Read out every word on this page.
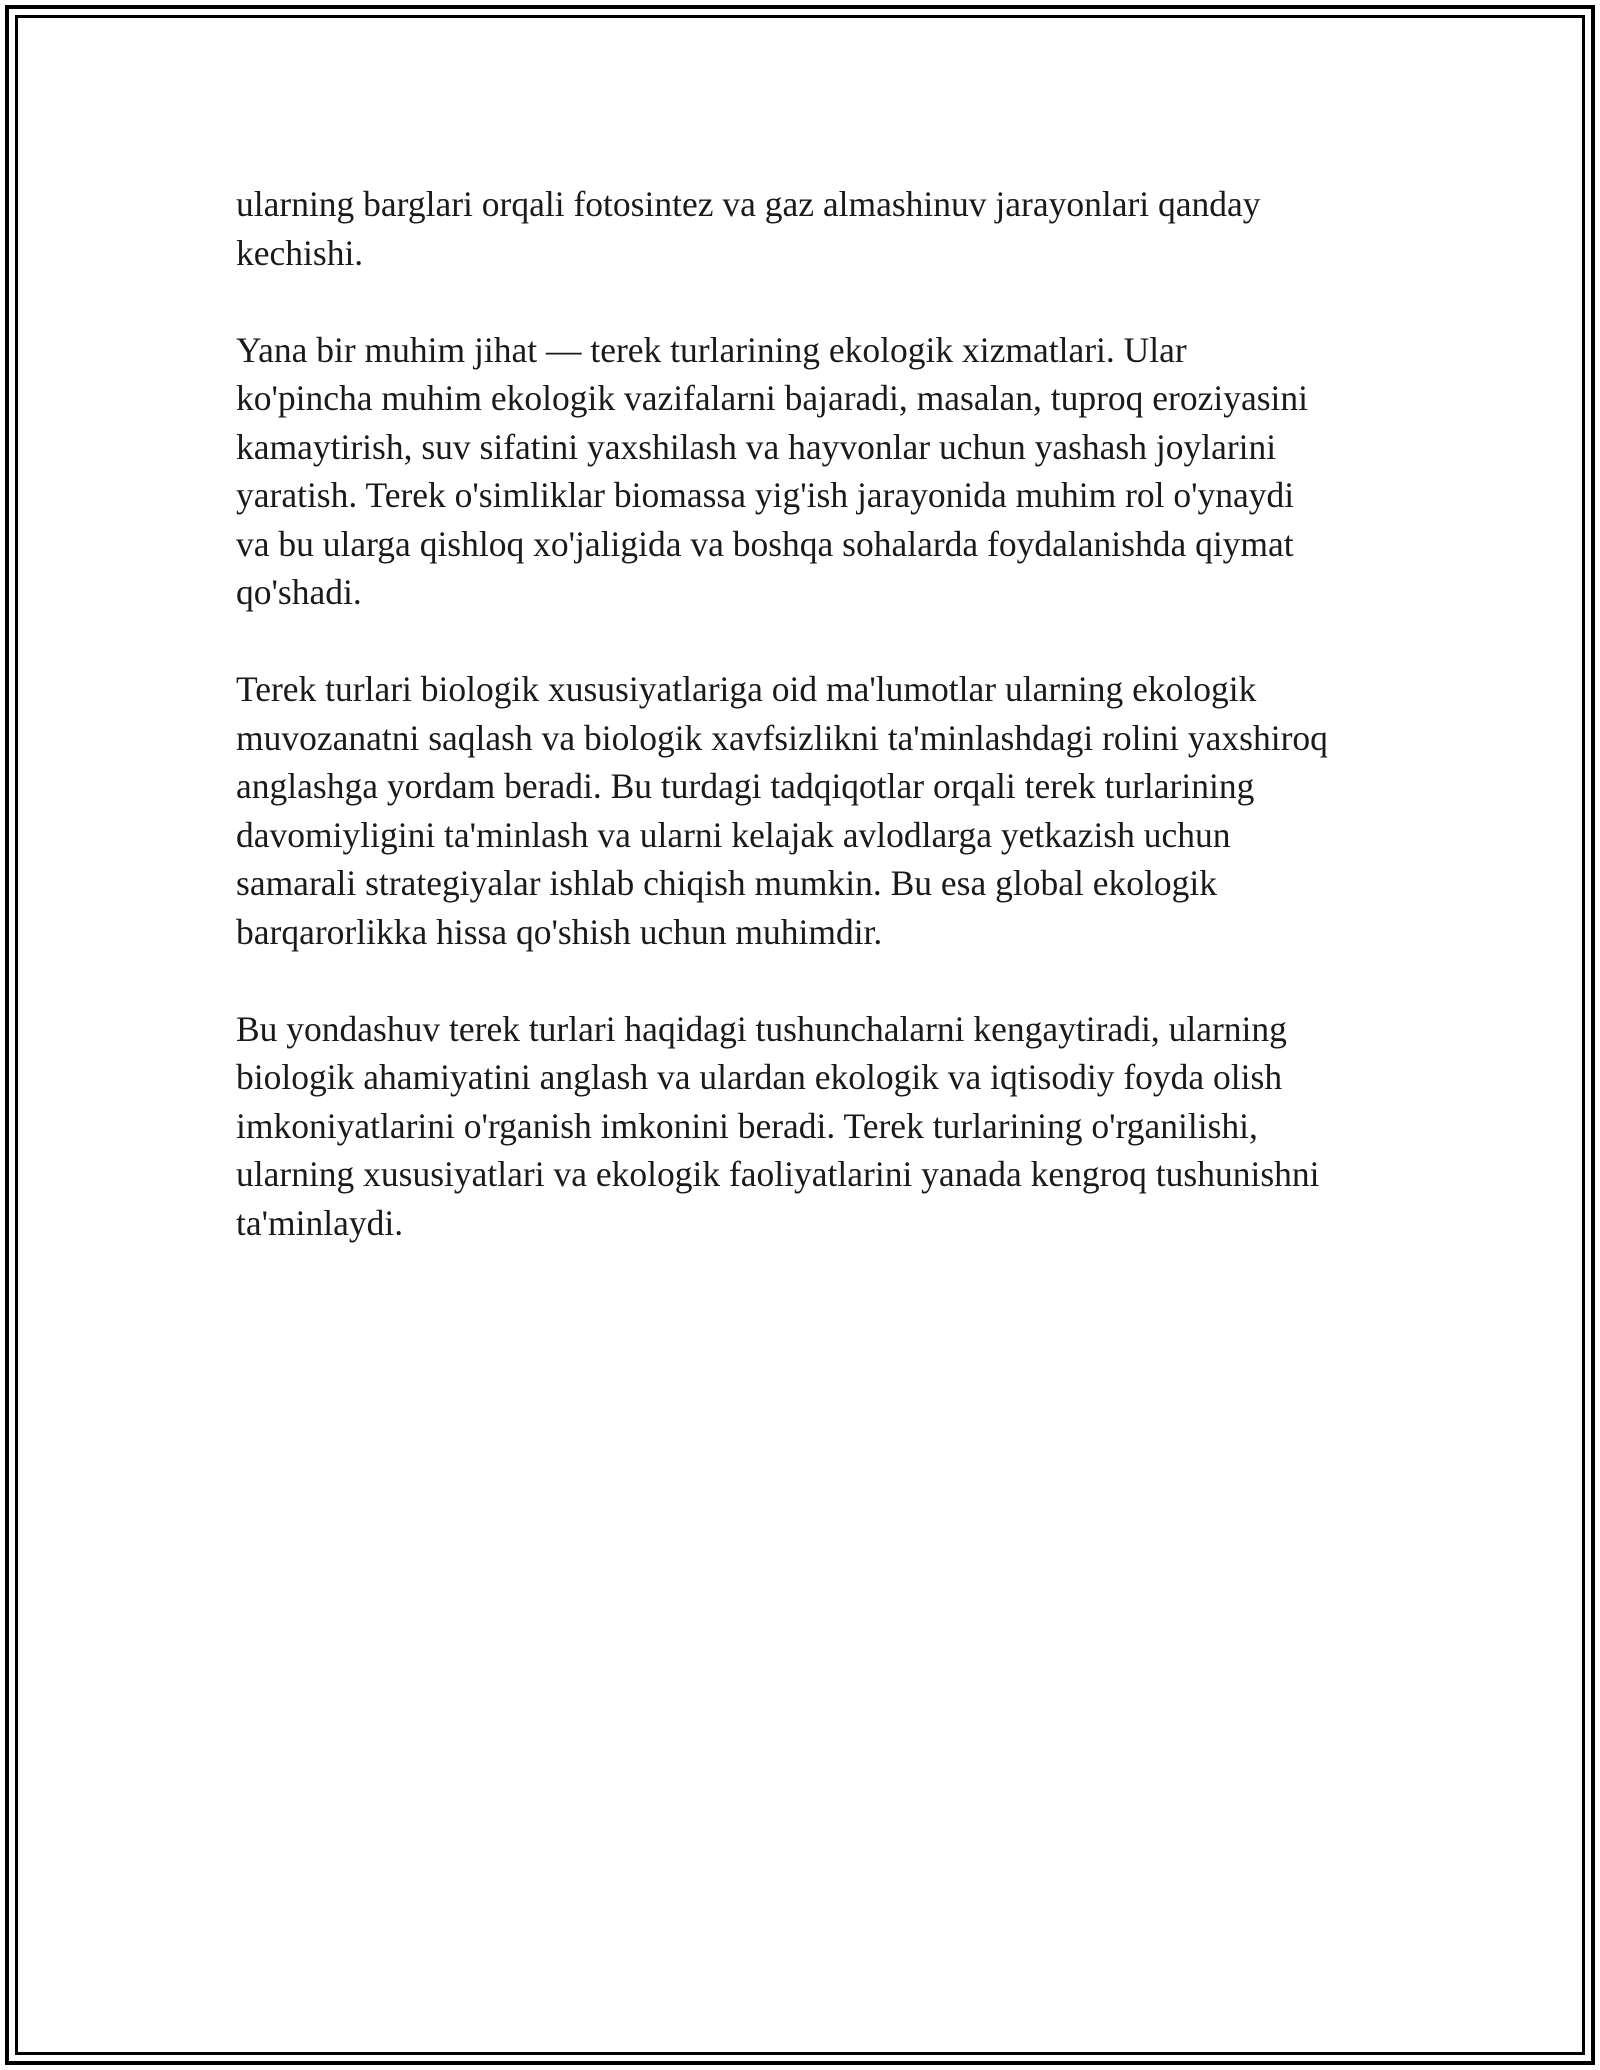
ularning barglari orqali fotosintez va gaz almashinuv jarayonlari qanday
kechishi.

Yana bir muhim jihat — terek turlarining ekologik xizmatlari. Ular
ko'pincha muhim ekologik vazifalarni bajaradi, masalan, tuproq eroziyasini
kamaytirish, suv sifatini yaxshilash va hayvonlar uchun yashash joylarini
yaratish. Terek o'simliklar biomassa yig'ish jarayonida muhim rol o'ynaydi
va bu ularga qishloq xo'jaligida va boshqa sohalarda foydalanishda qiymat
qo'shadi.

Terek turlari biologik xususiyatlariga oid ma'lumotlar ularning ekologik
muvozanatni saqlash va biologik xavfsizlikni ta'minlashdagi rolini yaxshiroq
anglashga yordam beradi. Bu turdagi tadqiqotlar orqali terek turlarining
davomiyligini ta'minlash va ularni kelajak avlodlarga yetkazish uchun
samarali strategiyalar ishlab chiqish mumkin. Bu esa global ekologik
barqarorlikka hissa qo'shish uchun muhimdir.

Bu yondashuv terek turlari haqidagi tushunchalarni kengaytiradi, ularning
biologik ahamiyatini anglash va ulardan ekologik va iqtisodiy foyda olish
imkoniyatlarini o'rganish imkonini beradi. Terek turlarining o'rganilishi,
ularning xususiyatlari va ekologik faoliyatlarini yanada kengroq tushunishni
ta'minlaydi.
